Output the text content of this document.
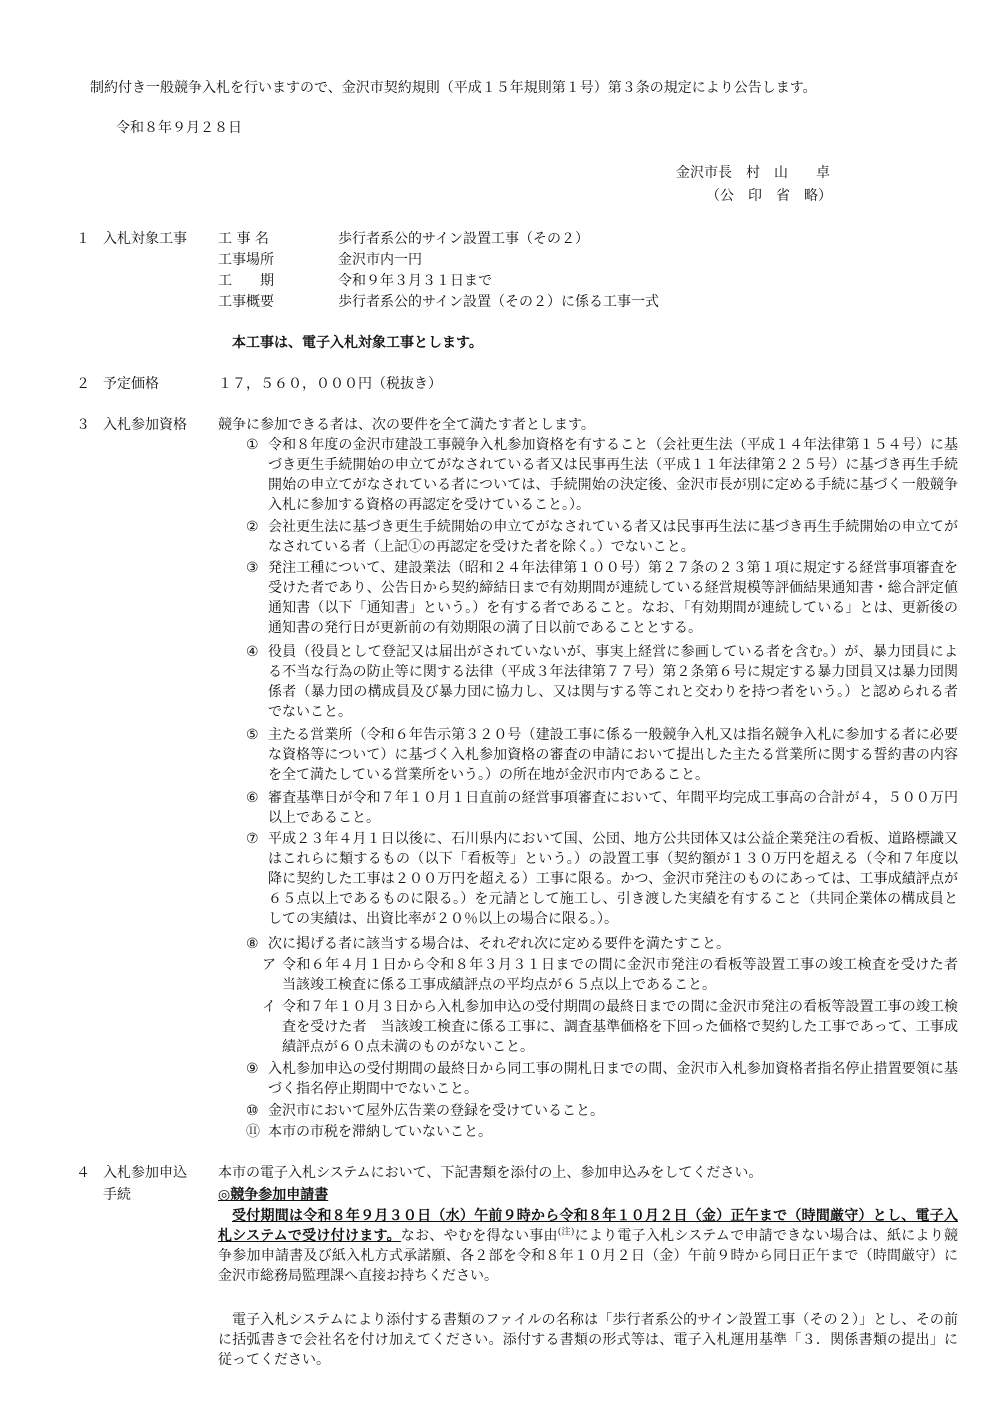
制約付き一般競争入札を行いますので、金沢市契約規則（平成１５年規則第１号）第３条の規定により公告します。
令和８年９月２８日
金沢市長　村　山　　卓
（公　印　省　略）
１ 入札対象工事 工 事 名	歩行者系公的サイン設置工事（その２）
工事場所	金沢市内一円
工　　期	令和９年３月３１日まで
工事概要	歩行者系公的サイン設置（その２）に係る工事一式
本工事は、電子入札対象工事とします。
２ 予定価格	１７，５６０，０００円（税抜き）
３ 入札参加資格 競争に参加できる者は、次の要件を全て満たす者とします。
① 令和８年度の金沢市建設工事競争入札参加資格を有すること（会社更生法（平成１４年法律第１５４号）に基づき更生手続開始の申立てがなされている者又は民事再生法（平成１１年法律第２２５号）に基づき再生手続開始の申立てがなされている者については、手続開始の決定後、金沢市長が別に定める手続に基づく一般競争入札に参加する資格の再認定を受けていること。）。
② 会社更生法に基づき更生手続開始の申立てがなされている者又は民事再生法に基づき再生手続開始の申立てがなされている者（上記①の再認定を受けた者を除く。）でないこと。
③ 発注工種について、建設業法（昭和２４年法律第１００号）第２７条の２３第１項に規定する経営事項審査を受けた者であり、公告日から契約締結日まで有効期間が連続している経営規模等評価結果通知書・総合評定値通知書（以下「通知書」という。）を有する者であること。なお、「有効期間が連続している」とは、更新後の通知書の発行日が更新前の有効期限の満了日以前であることとする。
④ 役員（役員として登記又は届出がされていないが、事実上経営に参画している者を含む。）が、暴力団員による不当な行為の防止等に関する法律（平成３年法律第７７号）第２条第６号に規定する暴力団員又は暴力団関係者（暴力団の構成員及び暴力団に協力し、又は関与する等これと交わりを持つ者をいう。）と認められる者でないこと。
⑤ 主たる営業所（令和６年告示第３２０号（建設工事に係る一般競争入札又は指名競争入札に参加する者に必要な資格等について）に基づく入札参加資格の審査の申請において提出した主たる営業所に関する誓約書の内容を全て満たしている営業所をいう。）の所在地が金沢市内であること。
⑥ 審査基準日が令和７年１０月１日直前の経営事項審査において、年間平均完成工事高の合計が４，５００万円以上であること。
⑦ 平成２３年４月１日以後に、石川県内において国、公団、地方公共団体又は公益企業発注の看板、道路標識又はこれらに類するもの（以下「看板等」という。）の設置工事（契約額が１３０万円を超える（令和７年度以降に契約した工事は２００万円を超える）工事に限る。かつ、金沢市発注のものにあっては、工事成績評点が６５点以上であるものに限る。）を元請として施工し、引き渡した実績を有すること（共同企業体の構成員としての実績は、出資比率が２０％以上の場合に限る。）。
⑧ 次に掲げる者に該当する場合は、それぞれ次に定める要件を満たすこと。
ア 令和６年４月１日から令和８年３月３１日までの間に金沢市発注の看板等設置工事の竣工検査を受けた者　当該竣工検査に係る工事成績評点の平均点が６５点以上であること。
イ 令和７年１０月３日から入札参加申込の受付期間の最終日までの間に金沢市発注の看板等設置工事の竣工検査を受けた者　当該竣工検査に係る工事に、調査基準価格を下回った価格で契約した工事であって、工事成績評点が６０点未満のものがないこと。
⑨ 入札参加申込の受付期間の最終日から同工事の開札日までの間、金沢市入札参加資格者指名停止措置要領に基づく指名停止期間中でないこと。
⑩ 金沢市において屋外広告業の登録を受けていること。
⑪ 本市の市税を滞納していないこと。
４ 入札参加申込
手続
本市の電子入札システムにおいて、下記書類を添付の上、参加申込みをしてください。
◎競争参加申請書
受付期間は令和８年９月３０日（水）午前９時から令和８年１０月２日（金）正午まで（時間厳守）とし、電子入札システムで受け付けます。なお、やむを得ない事由$^{(注)}$により電子入札システムで申請できない場合は、紙により競争参加申請書及び紙入札方式承諾願、各２部を令和８年１０月２日（金）午前９時から同日正午まで（時間厳守）に金沢市総務局監理課へ直接お持ちください。
電子入札システムにより添付する書類のファイルの名称は「歩行者系公的サイン設置工事（その２）」とし、その前に括弧書きで会社名を付け加えてください。添付する書類の形式等は、電子入札運用基準「３．関係書類の提出」に従ってください。
